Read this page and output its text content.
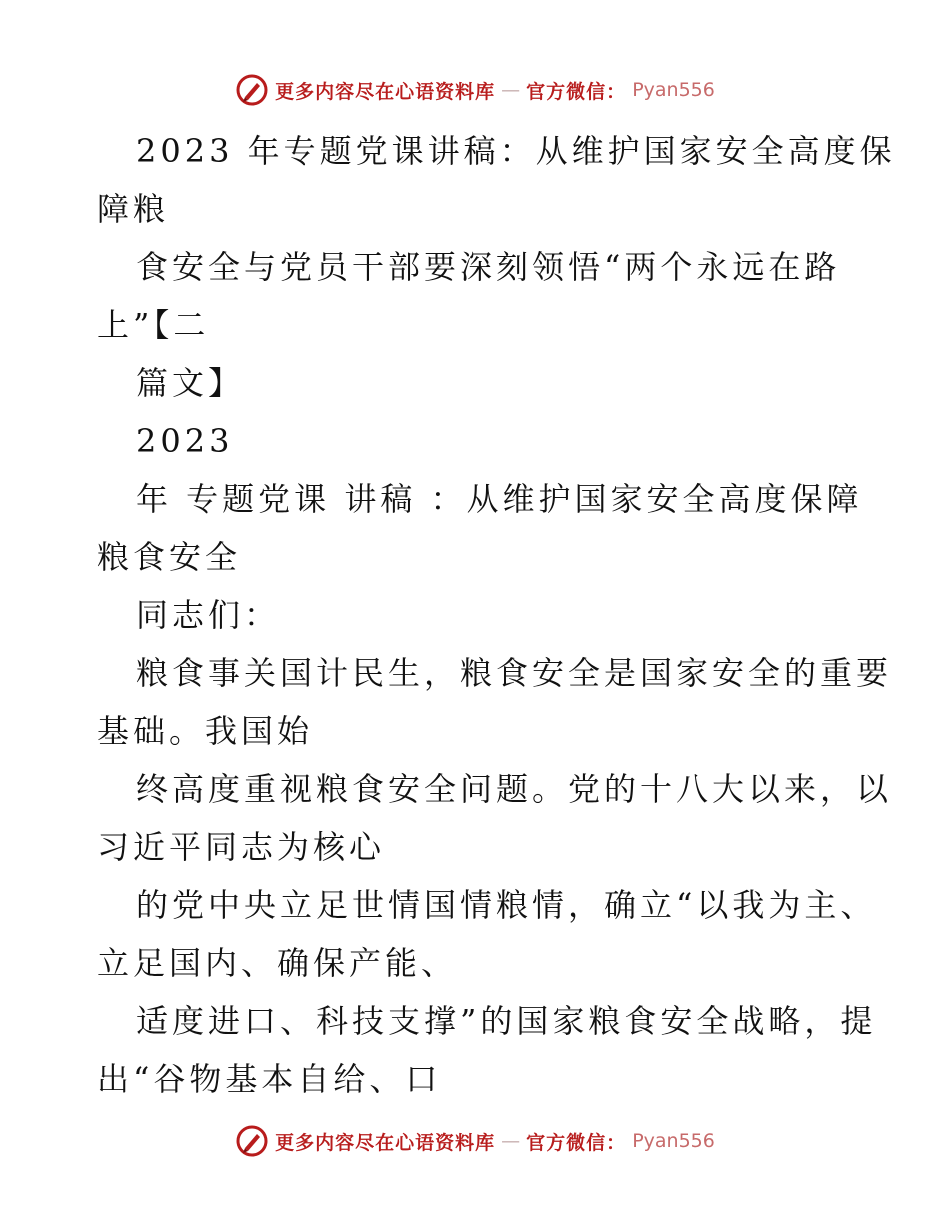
更多内容尽在心语资料库 — 官方微信： Pyan556
2023 年专题党课讲稿：从维护国家安全高度保
障粮
食安全与党员干部要深刻领悟“两个永远在路
上”【二
篇文】
2023
年 专题党课 讲稿 ：从维护国家安全高度保障
粮食安全
同志们：
粮食事关国计民生，粮食安全是国家安全的重要
基础。我国始
终高度重视粮食安全问题。党的十八大以来，以
习近平同志为核心
的党中央立足世情国情粮情，确立“以我为主、
立足国内、确保产能、
适度进口、科技支撑”的国家粮食安全战略，提
出“谷物基本自给、口
更多内容尽在心语资料库 — 官方微信： Pyan556
